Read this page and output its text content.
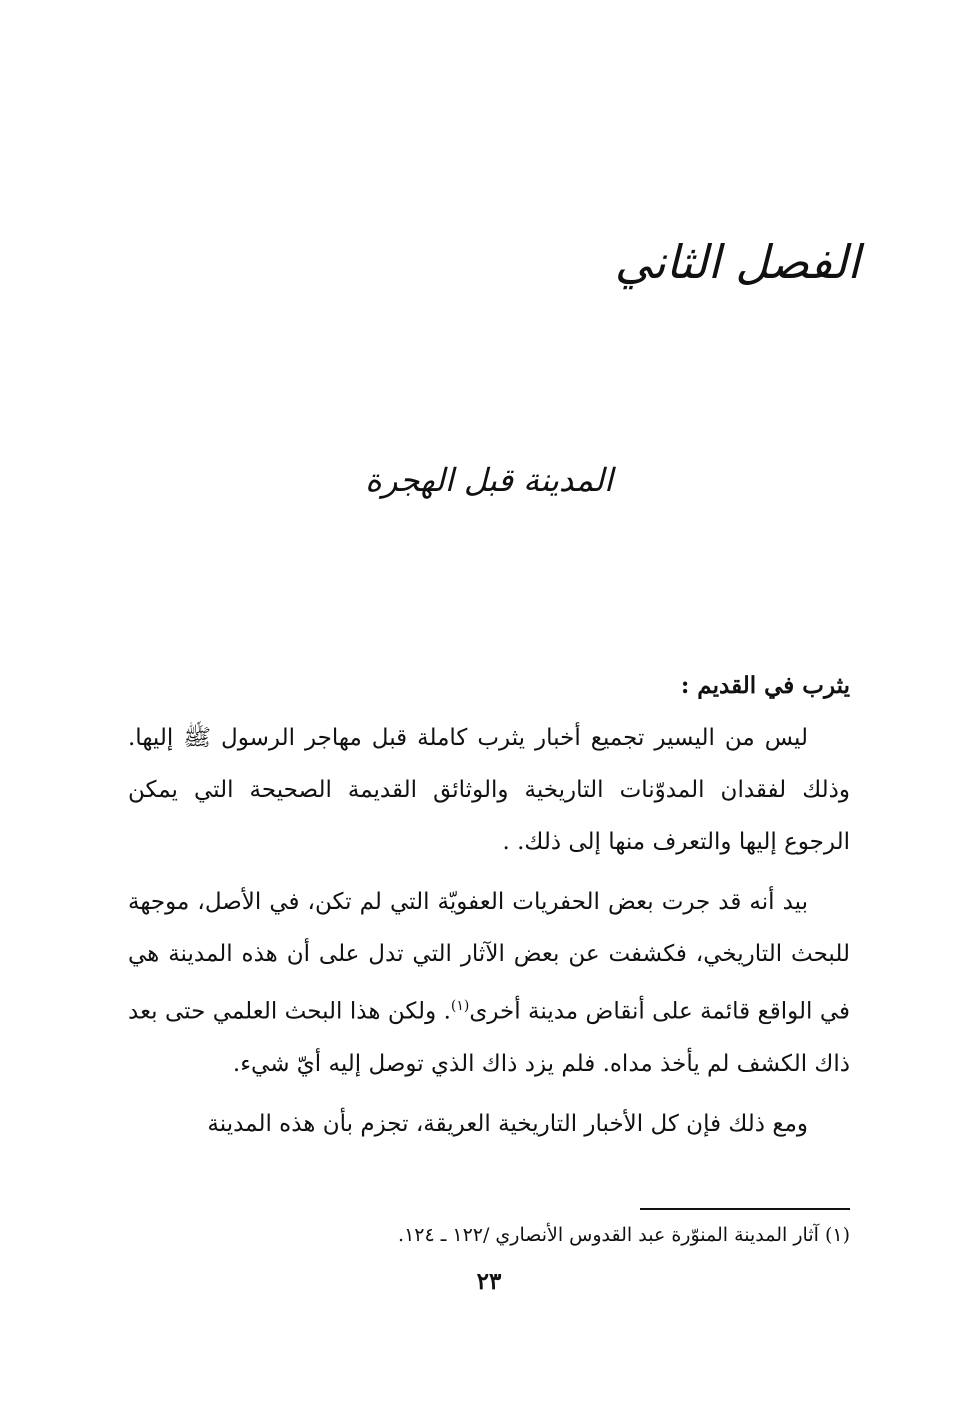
الفصل الثاني
المدينة قبل الهجرة

يثرب في القديم :

ليس من اليسير تجميع أخبار يثرب كاملة قبل مهاجر الرسول ﷺ إليها. وذلك لفقدان المدوّنات التاريخية والوثائق القديمة الصحيحة التي يمكن الرجوع إليها والتعرف منها إلى ذلك. .

بيد أنه قد جرت بعض الحفريات العفويّة التي لم تكن، في الأصل، موجهة للبحث التاريخي، فكشفت عن بعض الآثار التي تدل على أن هذه المدينة هي في الواقع قائمة على أنقاض مدينة أخرى$^{(١)}$. ولكن هذا البحث العلمي حتى بعد ذاك الكشف لم يأخذ مداه. فلم يزد ذاك الذي توصل إليه أيّ شيء.

ومع ذلك فإن كل الأخبار التاريخية العريقة، تجزم بأن هذه المدينة

(١) آثار المدينة المنوّرة عبد القدوس الأنصاري /١٢٢ ـ ١٢٤.
٢٣
